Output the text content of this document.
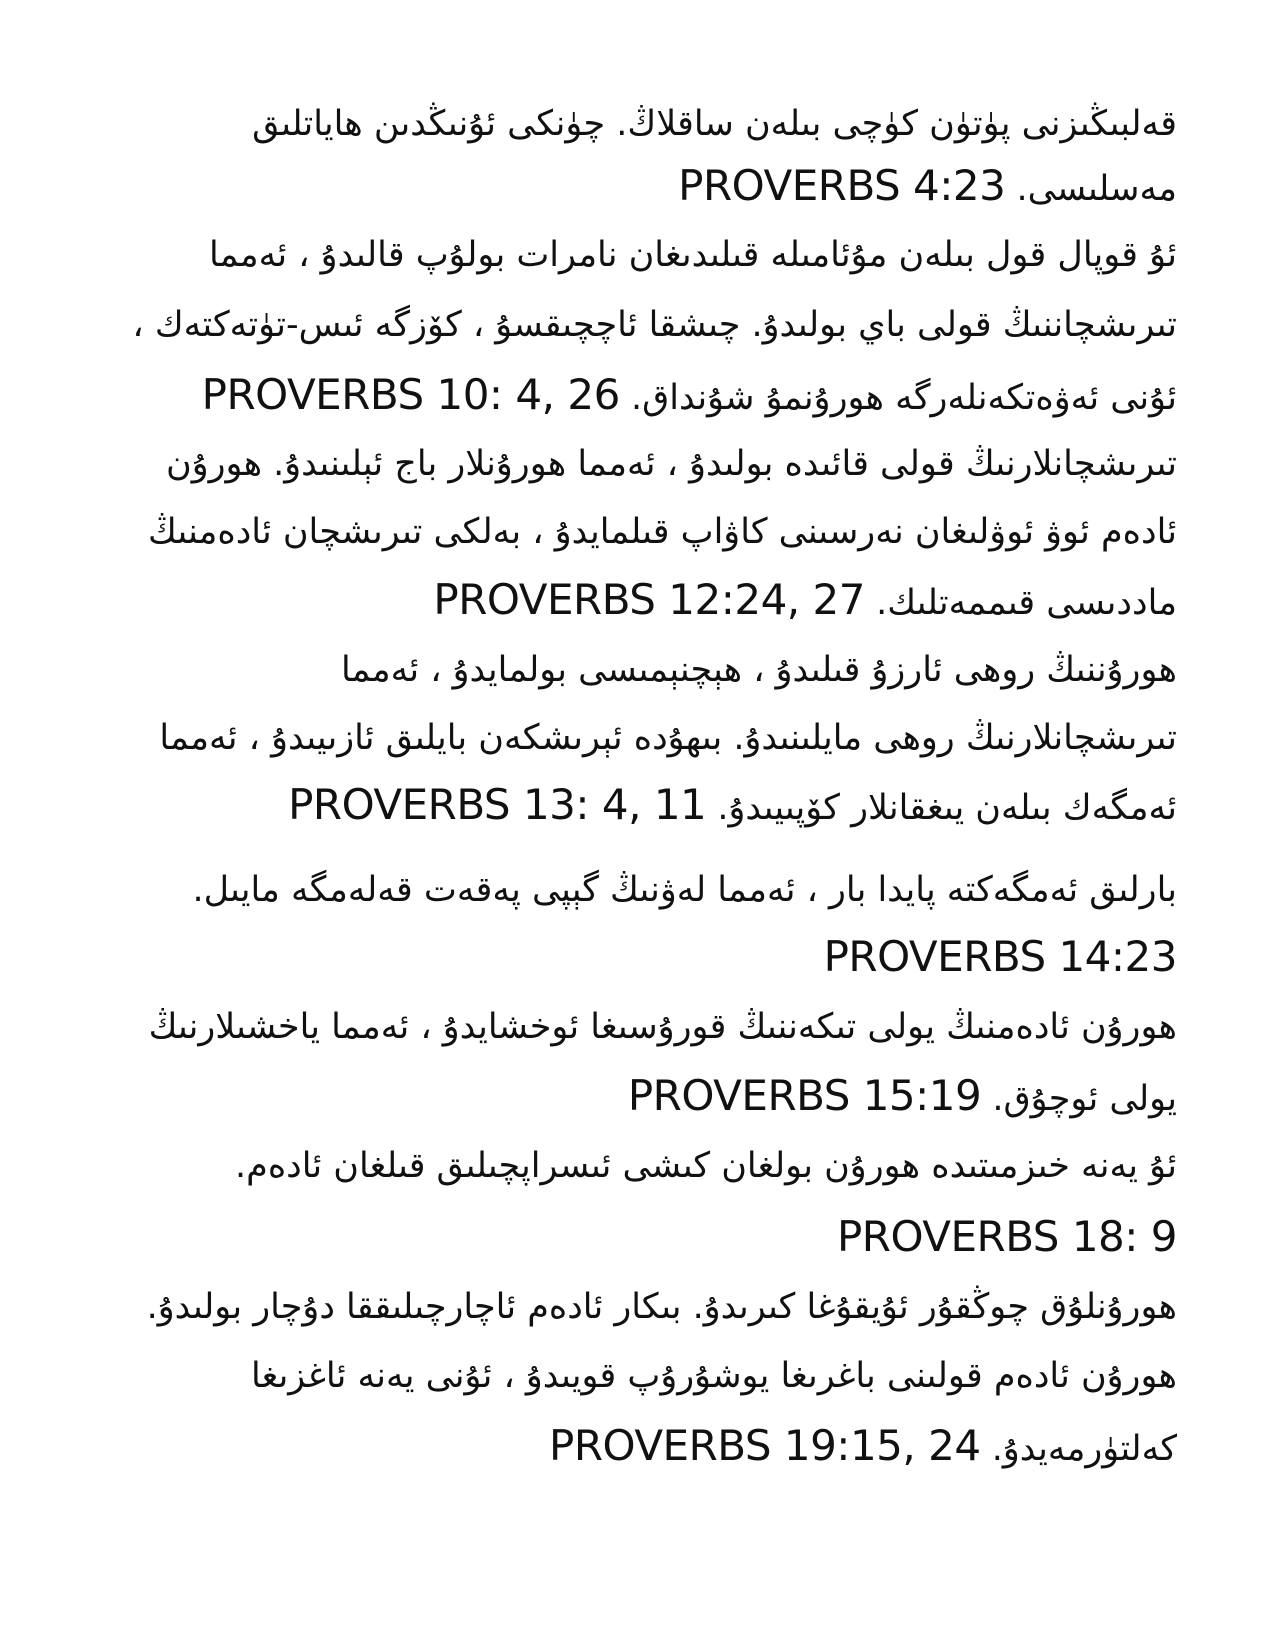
قەلبىڭىزنى پۈتۈن كۈچى بىلەن ساقلاڭ. چۈنكى ئۇنىڭدىن ھاياتلىق
مەسلىسى. PROVERBS 4:23
ئۇ قوپال قول بىلەن مۇئامىلە قىلىدىغان نامرات بولۇپ قالىدۇ ، ئەمما
تىرىشچاننىڭ قولى باي بولىدۇ. چىشقا ئاچچىقسۇ ، كۆزگە ئىس-تۈتەكتەك ،
ئۇنى ئەۋەتكەنلەرگە ھورۇنمۇ شۇنداق. PROVERBS 10: 4, 26
تىرىشچانلارنىڭ قولى قائىدە بولىدۇ ، ئەمما ھورۇنلار باج ئېلىنىدۇ. ھورۇن
ئادەم ئوۋ ئوۋلىغان نەرسىنى كاۋاپ قىلمايدۇ ، بەلكى تىرىشچان ئادەمنىڭ
ماددىسى قىممەتلىك. PROVERBS 12:24, 27
ھورۇننىڭ روھى ئارزۇ قىلىدۇ ، ھېچنېمىسى بولمايدۇ ، ئەمما
تىرىشچانلارنىڭ روھى مايلىنىدۇ. بىھۇدە ئېرىشكەن بايلىق ئازىيىدۇ ، ئەمما
ئەمگەك بىلەن يىغقانلار كۆپىيىدۇ. PROVERBS 13: 4, 11
بارلىق ئەمگەكتە پايدا بار ، ئەمما لەۋنىڭ گېپى پەقەت قەلەمگە مايىل.
PROVERBS 14:23
ھورۇن ئادەمنىڭ يولى تىكەننىڭ قورۇسىغا ئوخشايدۇ ، ئەمما ياخشىلارنىڭ
يولى ئوچۇق. PROVERBS 15:19
ئۇ يەنە خىزمىتىدە ھورۇن بولغان كىشى ئىسراپچىلىق قىلغان ئادەم.
PROVERBS 18: 9
ھورۇنلۇق چوڭقۇر ئۇيقۇغا كىرىدۇ. بىكار ئادەم ئاچارچىلىققا دۇچار بولىدۇ.
ھورۇن ئادەم قولىنى باغرىغا يوشۇرۇپ قويىدۇ ، ئۇنى يەنە ئاغزىغا
كەلتۈرمەيدۇ. PROVERBS 19:15, 24
